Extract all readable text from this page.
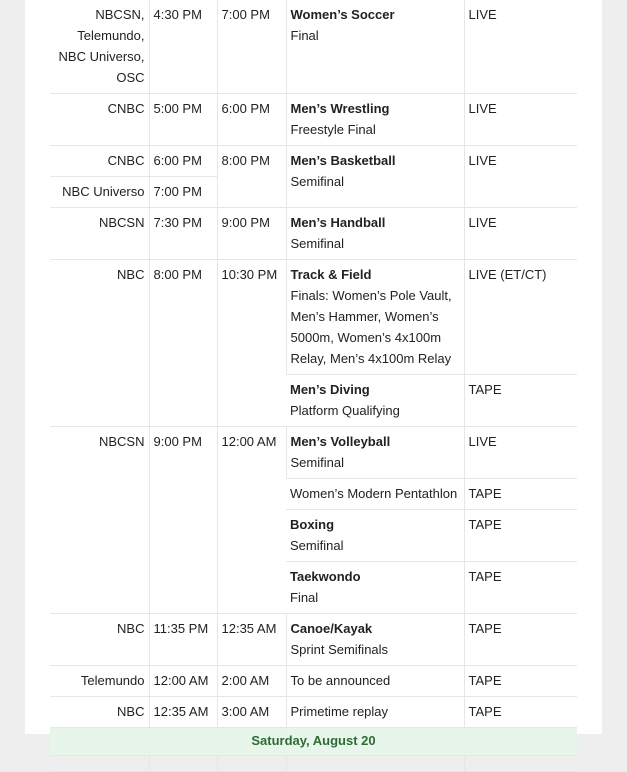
NBCSN, Telemundo, NBC Universo, OSC	4:30 PM	7:00 PM	Women’s Soccer
Final	LIVE
CNBC	5:00 PM	6:00 PM	Men’s Wrestling
Freestyle Final	LIVE
CNBC	6:00 PM	8:00 PM	Men’s Basketball
Semifinal	LIVE
NBC Universo	7:00 PM			
NBCSN	7:30 PM	9:00 PM	Men’s Handball
Semifinal	LIVE
NBC	8:00 PM	10:30 PM	Track & Field
Finals: Women’s Pole Vault, Men’s Hammer, Women’s 5000m, Women’s 4x100m Relay, Men’s 4x100m Relay	LIVE (ET/CT)
			Men’s Diving
Platform Qualifying	TAPE
NBCSN	9:00 PM	12:00 AM	Men’s Volleyball
Semifinal	LIVE
			Women’s Modern Pentathlon	TAPE
			Boxing
Semifinal	TAPE
			Taekwondo
Final	TAPE
NBC	11:35 PM	12:35 AM	Canoe/Kayak
Sprint Semifinals	TAPE
Telemundo	12:00 AM	2:00 AM	To be announced	TAPE
NBC	12:35 AM	3:00 AM	Primetime replay	TAPE
Saturday, August 20				
